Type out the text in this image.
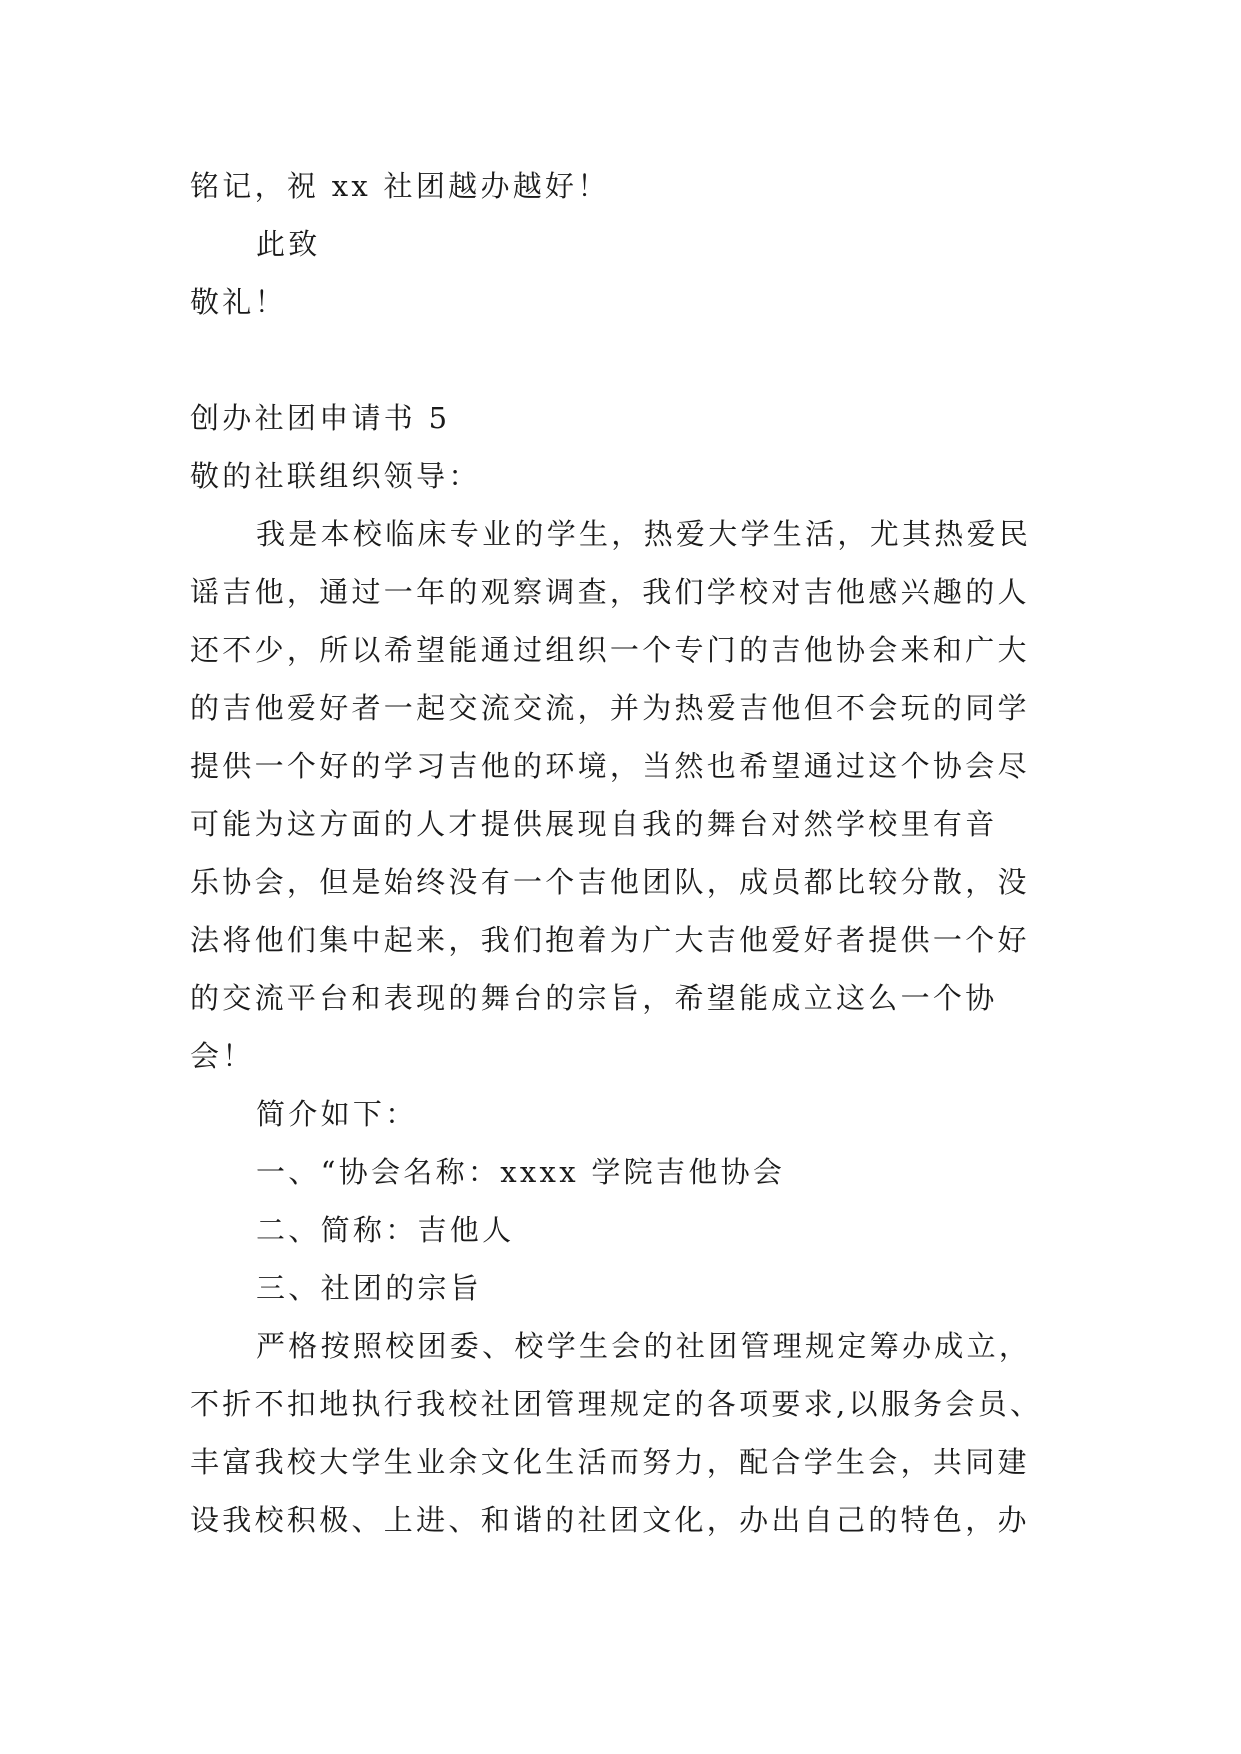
铭记，祝 xx 社团越办越好！
此致
敬礼！
创办社团申请书 5
敬的社联组织领导：
我是本校临床专业的学生，热爱大学生活，尤其热爱民
谣吉他，通过一年的观察调查，我们学校对吉他感兴趣的人
还不少，所以希望能通过组织一个专门的吉他协会来和广大
的吉他爱好者一起交流交流，并为热爱吉他但不会玩的同学
提供一个好的学习吉他的环境，当然也希望通过这个协会尽
可能为这方面的人才提供展现自我的舞台对然学校里有音
乐协会，但是始终没有一个吉他团队，成员都比较分散，没
法将他们集中起来，我们抱着为广大吉他爱好者提供一个好
的交流平台和表现的舞台的宗旨，希望能成立这么一个协
会！
简介如下：
一、“协会名称：xxxx 学院吉他协会
二、简称：吉他人
三、社团的宗旨
严格按照校团委、校学生会的社团管理规定筹办成立，
不折不扣地执行我校社团管理规定的各项要求,以服务会员、
丰富我校大学生业余文化生活而努力，配合学生会，共同建
设我校积极、上进、和谐的社团文化，办出自己的特色，办
